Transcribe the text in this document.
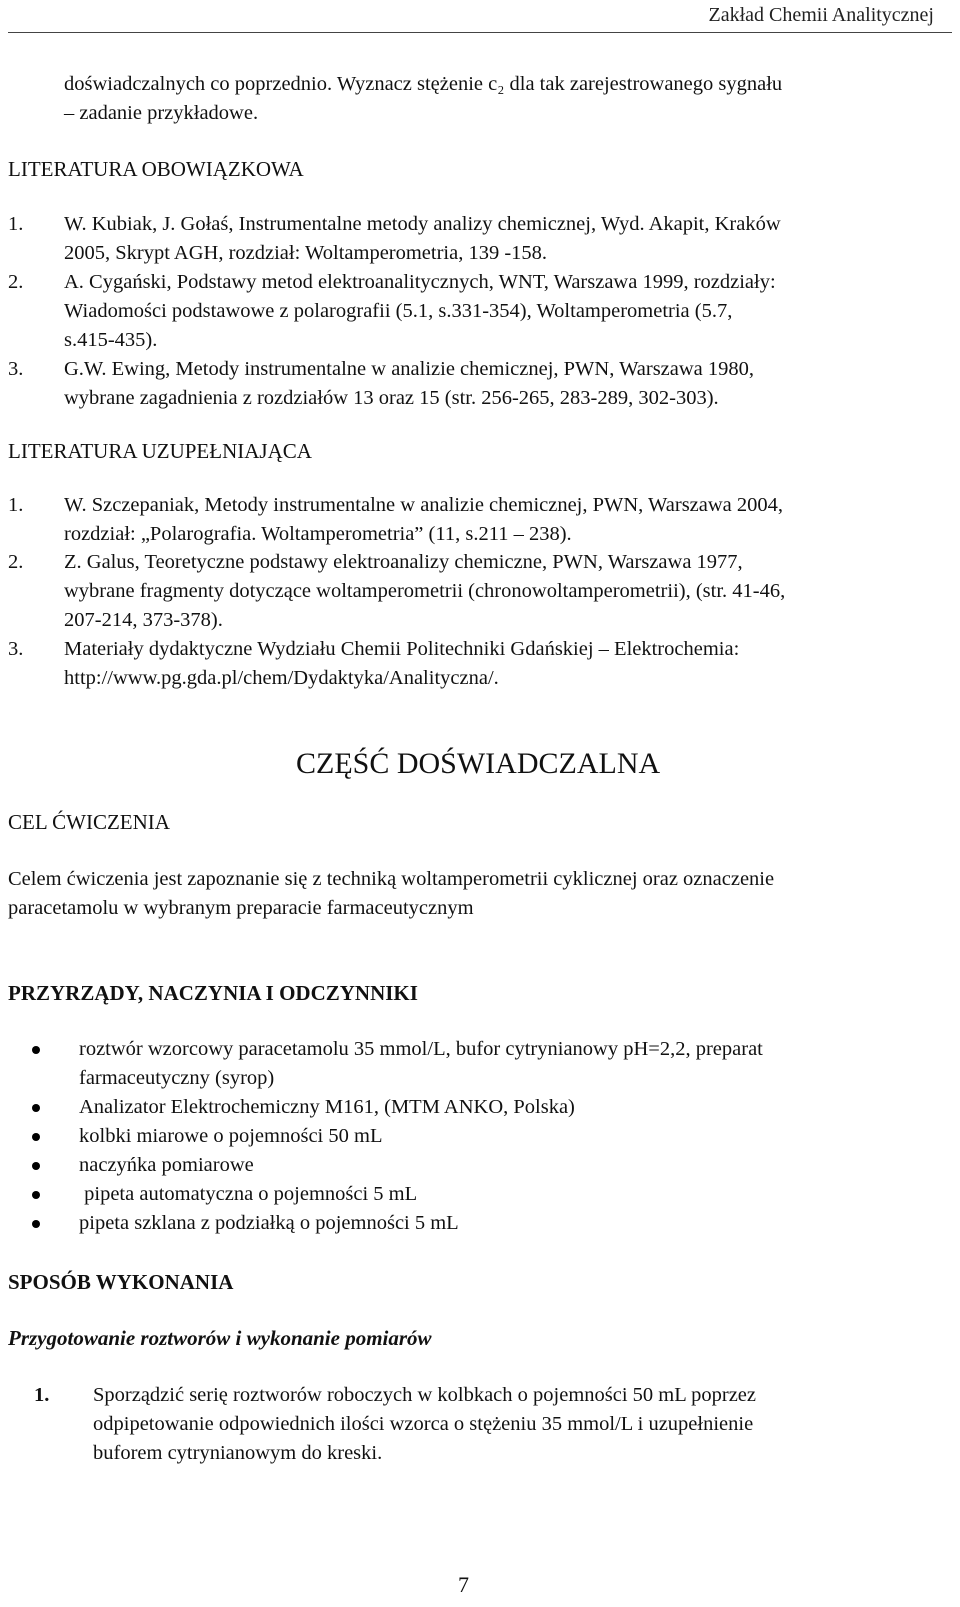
Zakład Chemii Analitycznej
doświadczalnych co poprzednio. Wyznacz stężenie c₂ dla tak zarejestrowanego sygnału
– zadanie przykładowe.
LITERATURA OBOWIĄZKOWA
1. W. Kubiak, J. Gołaś, Instrumentalne metody analizy chemicznej, Wyd. Akapit, Kraków
2005, Skrypt AGH, rozdział: Woltamperometria, 139 -158.
2. A. Cygański, Podstawy metod elektroanalitycznych, WNT, Warszawa 1999, rozdziały:
Wiadomości podstawowe z polarografii (5.1, s.331-354), Woltamperometria (5.7,
s.415-435).
3. G.W. Ewing, Metody instrumentalne w analizie chemicznej, PWN, Warszawa 1980,
wybrane zagadnienia z rozdziałów 13 oraz 15 (str. 256-265, 283-289, 302-303).
LITERATURA UZUPEŁNIAJĄCA
1. W. Szczepaniak, Metody instrumentalne w analizie chemicznej, PWN, Warszawa 2004,
rozdział: „Polarografia. Woltamperometria” (11, s.211 – 238).
2. Z. Galus, Teoretyczne podstawy elektroanalizy chemiczne, PWN, Warszawa 1977,
wybrane fragmenty dotyczące woltamperometrii (chronowoltamperometrii), (str. 41-46,
207-214, 373-378).
3. Materiały dydaktyczne Wydziału Chemii Politechniki Gdańskiej – Elektrochemia:
http://www.pg.gda.pl/chem/Dydaktyka/Analityczna/.
CZĘŚĆ DOŚWIADCZALNA
CEL ĆWICZENIA
Celem ćwiczenia jest zapoznanie się z techniką woltamperometrii cyklicznej oraz oznaczenie
paracetamolu w wybranym preparacie farmaceutycznym
PRZYRZĄDY, NACZYNIA I ODCZYNNIKI
roztwór wzorcowy paracetamolu 35 mmol/L, bufor cytrynianowy pH=2,2, preparat
farmaceutyczny (syrop)
Analizator Elektrochemiczny M161, (MTM ANKO, Polska)
kolbki miarowe o pojemności 50 mL
naczyńka pomiarowe
pipeta automatyczna o pojemności 5 mL
pipeta szklana z podziałką o pojemności 5 mL
SPOSÓB WYKONANIA
Przygotowanie roztworów i wykonanie pomiarów
1. Sporządzić serię roztworów roboczych w kolbkach o pojemności 50 mL poprzez
odpipetowanie odpowiednich ilości wzorca o stężeniu 35 mmol/L i uzupełnienie
buforem cytrynianowym do kreski.
7
